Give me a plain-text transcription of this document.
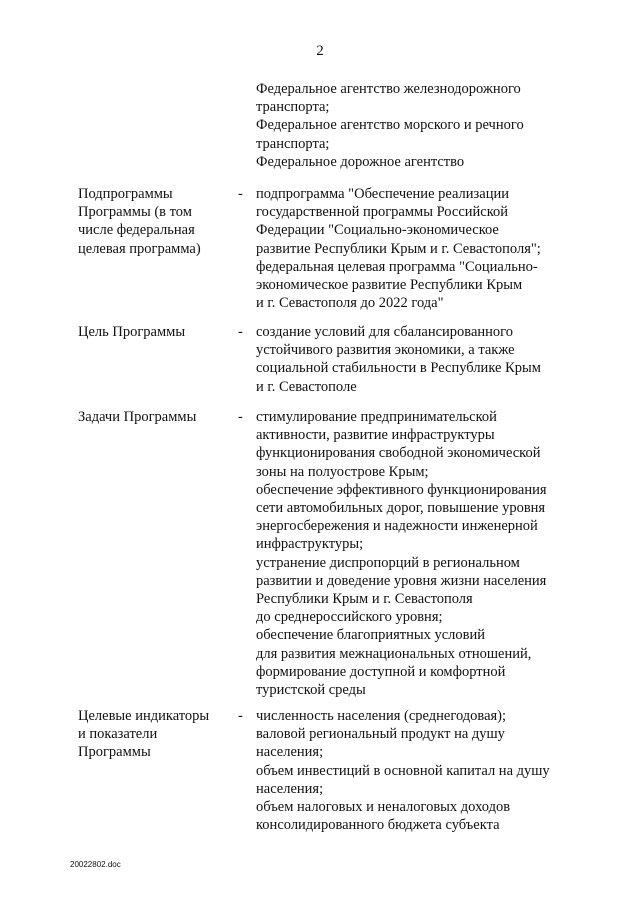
2
Федеральное агентство железнодорожного
транспорта;
Федеральное агентство морского и речного
транспорта;
Федеральное дорожное агентство
Подпрограммы
Программы (в том
числе федеральная
целевая программа)
- подпрограмма "Обеспечение реализации
государственной программы Российской
Федерации "Социально-экономическое
развитие Республики Крым и г. Севастополя";
федеральная целевая программа "Социально-
экономическое развитие Республики Крым
и г. Севастополя до 2022 года"
Цель Программы	- создание условий для сбалансированного
устойчивого развития экономики, а также
социальной стабильности в Республике Крым
и г. Севастополе
Задачи Программы	- стимулирование предпринимательской
активности, развитие инфраструктуры
функционирования свободной экономической
зоны на полуострове Крым;
обеспечение эффективного функционирования
сети автомобильных дорог, повышение уровня
энергосбережения и надежности инженерной
инфраструктуры;
устранение диспропорций в региональном
развитии и доведение уровня жизни населения
Республики Крым и г. Севастополя
до среднероссийского уровня;
обеспечение благоприятных условий
для развития межнациональных отношений,
формирование доступной и комфортной
туристской среды
Целевые индикаторы
и показатели
Программы
- численность населения (среднегодовая);
валовой региональный продукт на душу
населения;
объем инвестиций в основной капитал на душу
населения;
объем налоговых и неналоговых доходов
консолидированного бюджета субъекта
20022802.doc
